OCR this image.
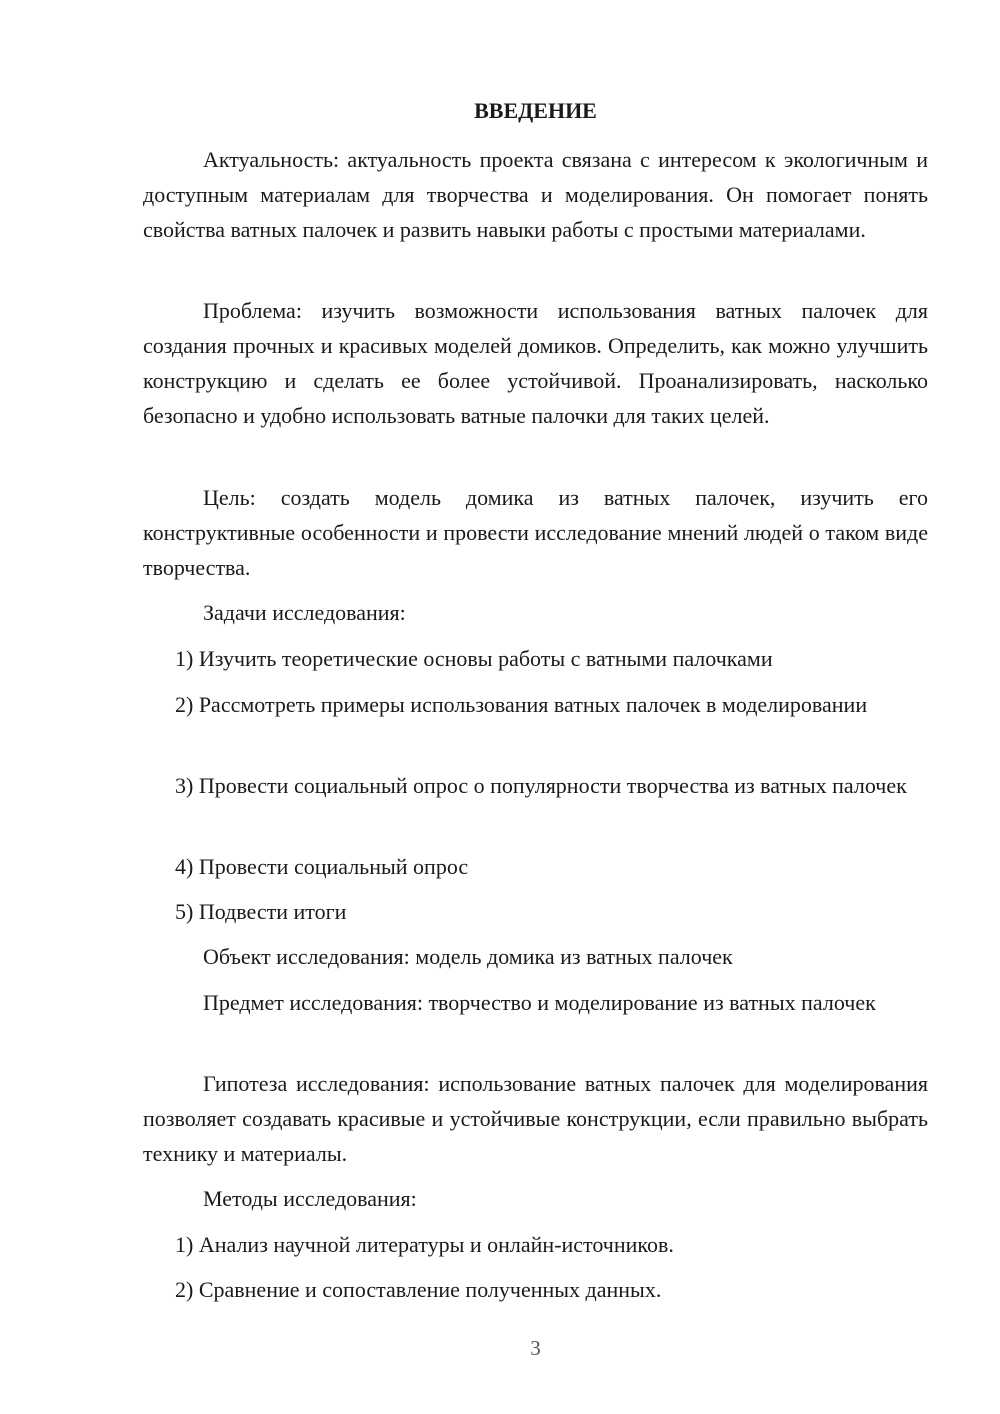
ВВЕДЕНИЕ

Актуальность: актуальность проекта связана с интересом к экологичным и доступным материалам для творчества и моделирования. Он помогает понять свойства ватных палочек и развить навыки работы с простыми материалами.

Проблема: изучить возможности использования ватных палочек для создания прочных и красивых моделей домиков. Определить, как можно улучшить конструкцию и сделать ее более устойчивой. Проанализировать, насколько безопасно и удобно использовать ватные палочки для таких целей.

Цель: создать модель домика из ватных палочек, изучить его конструктивные особенности и провести исследование мнений людей о таком виде творчества.

Задачи исследования:

1) Изучить теоретические основы работы с ватными палочками

2) Рассмотреть примеры использования ватных палочек в моделировании

3) Провести социальный опрос о популярности творчества из ватных палочек

4) Провести социальный опрос

5) Подвести итоги

Объект исследования: модель домика из ватных палочек

Предмет исследования: творчество и моделирование из ватных палочек

Гипотеза исследования: использование ватных палочек для моделирования позволяет создавать красивые и устойчивые конструкции, если правильно выбрать технику и материалы.

Методы исследования:

1) Анализ научной литературы и онлайн-источников.

2) Сравнение и сопоставление полученных данных.

3
